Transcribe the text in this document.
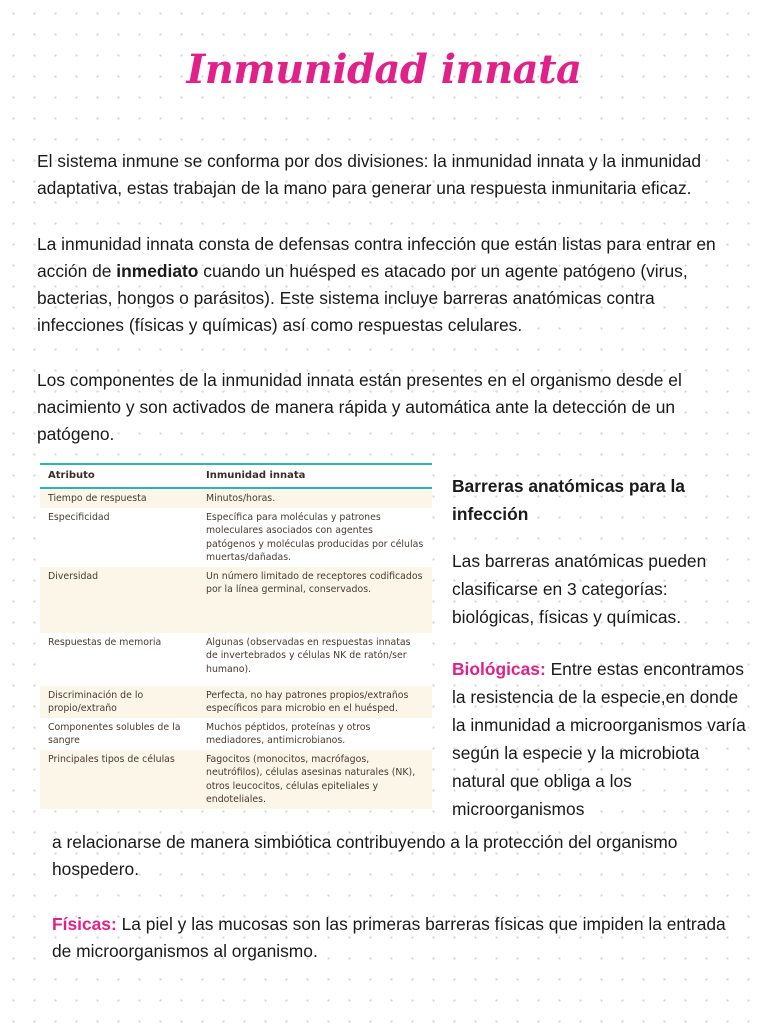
Inmunidad innata

El sistema inmune se conforma por dos divisiones: la inmunidad innata y la inmunidad adaptativa, estas trabajan de la mano para generar una respuesta inmunitaria eficaz.

La inmunidad innata consta de defensas contra infección que están listas para entrar en acción de inmediato cuando un huésped es atacado por un agente patógeno (virus, bacterias, hongos o parásitos). Este sistema incluye barreras anatómicas contra infecciones (físicas y químicas) así como respuestas celulares.

Los componentes de la inmunidad innata están presentes en el organismo desde el nacimiento y son activados de manera rápida y automática ante la detección de un patógeno.

Atributo	Inmunidad innata
Tiempo de respuesta	Minutos/horas.
Especificidad	Específica para moléculas y patrones moleculares asociados con agentes patógenos y moléculas producidas por células muertas/dañadas.
Diversidad	Un número limitado de receptores codificados por la línea germinal, conservados.
Respuestas de memoria	Algunas (observadas en respuestas innatas de invertebrados y células NK de ratón/ser humano).
Discriminación de lo propio/extraño	Perfecta, no hay patrones propios/extraños específicos para microbio en el huésped.
Componentes solubles de la sangre	Muchos péptidos, proteínas y otros mediadores, antimicrobianos.
Principales tipos de células	Fagocitos (monocitos, macrófagos, neutrófilos), células asesinas naturales (NK), otros leucocitos, células epiteliales y endoteliales.
Barreras anatómicas para la infección
Las barreras anatómicas pueden clasificarse en 3 categorías: biológicas, físicas y químicas.
Biológicas: Entre estas encontramos la resistencia de la especie,en donde la inmunidad a microorganismos varía según la especie y la microbiota natural que obliga a los microorganismos
a relacionarse de manera simbiótica contribuyendo a la protección del organismo hospedero.
Físicas: La piel y las mucosas son las primeras barreras físicas que impiden la entrada de microorganismos al organismo.
